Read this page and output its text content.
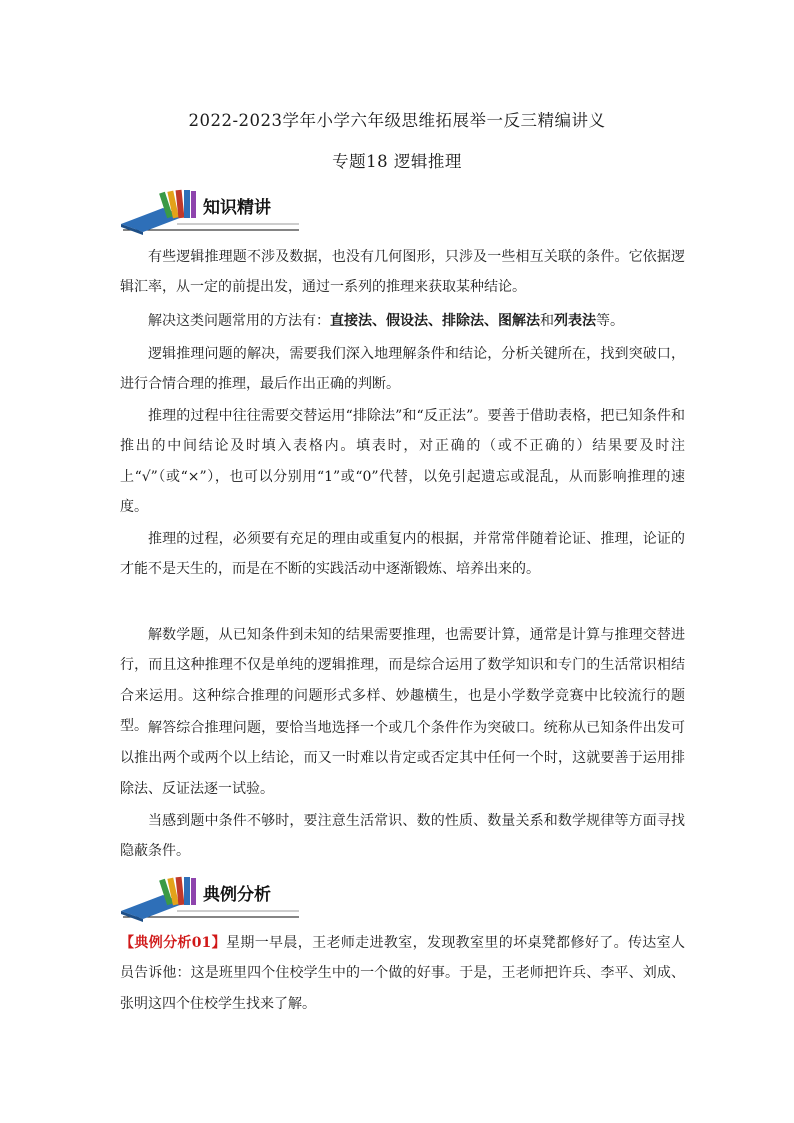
2022-2023学年小学六年级思维拓展举一反三精编讲义
专题18 逻辑推理
知识精讲
有些逻辑推理题不涉及数据，也没有几何图形，只涉及一些相互关联的条件。它依据逻辑汇率，从一定的前提出发，通过一系列的推理来获取某种结论。
解决这类问题常用的方法有：直接法、假设法、排除法、图解法和列表法等。
逻辑推理问题的解决，需要我们深入地理解条件和结论，分析关键所在，找到突破口，进行合情合理的推理，最后作出正确的判断。
推理的过程中往往需要交替运用“排除法”和“反正法”。要善于借助表格，把已知条件和推出的中间结论及时填入表格内。填表时，对正确的（或不正确的）结果要及时注上“√”（或“×”），也可以分别用“1”或“0”代替，以免引起遗忘或混乱，从而影响推理的速度。
推理的过程，必须要有充足的理由或重复内的根据，并常常伴随着论证、推理，论证的才能不是天生的，而是在不断的实践活动中逐渐锻炼、培养出来的。
解数学题，从已知条件到未知的结果需要推理，也需要计算，通常是计算与推理交替进行，而且这种推理不仅是单纯的逻辑推理，而是综合运用了数学知识和专门的生活常识相结合来运用。这种综合推理的问题形式多样、妙趣横生，也是小学数学竞赛中比较流行的题型。 解答综合推理问题，要恰当地选择一个或几个条件作为突破口。统称从已知条件出发可以推出两个或两个以上结论，而又一时难以肯定或否定其中任何一个时，这就要善于运用排除法、反证法逐一试验。
当感到题中条件不够时，要注意生活常识、数的性质、数量关系和数学规律等方面寻找隐蔽条件。
典例分析
【典例分析01】星期一早晨，王老师走进教室，发现教室里的坏桌凳都修好了。传达室人员告诉他：这是班里四个住校学生中的一个做的好事。于是，王老师把许兵、李平、刘成、张明这四个住校学生找来了解。
